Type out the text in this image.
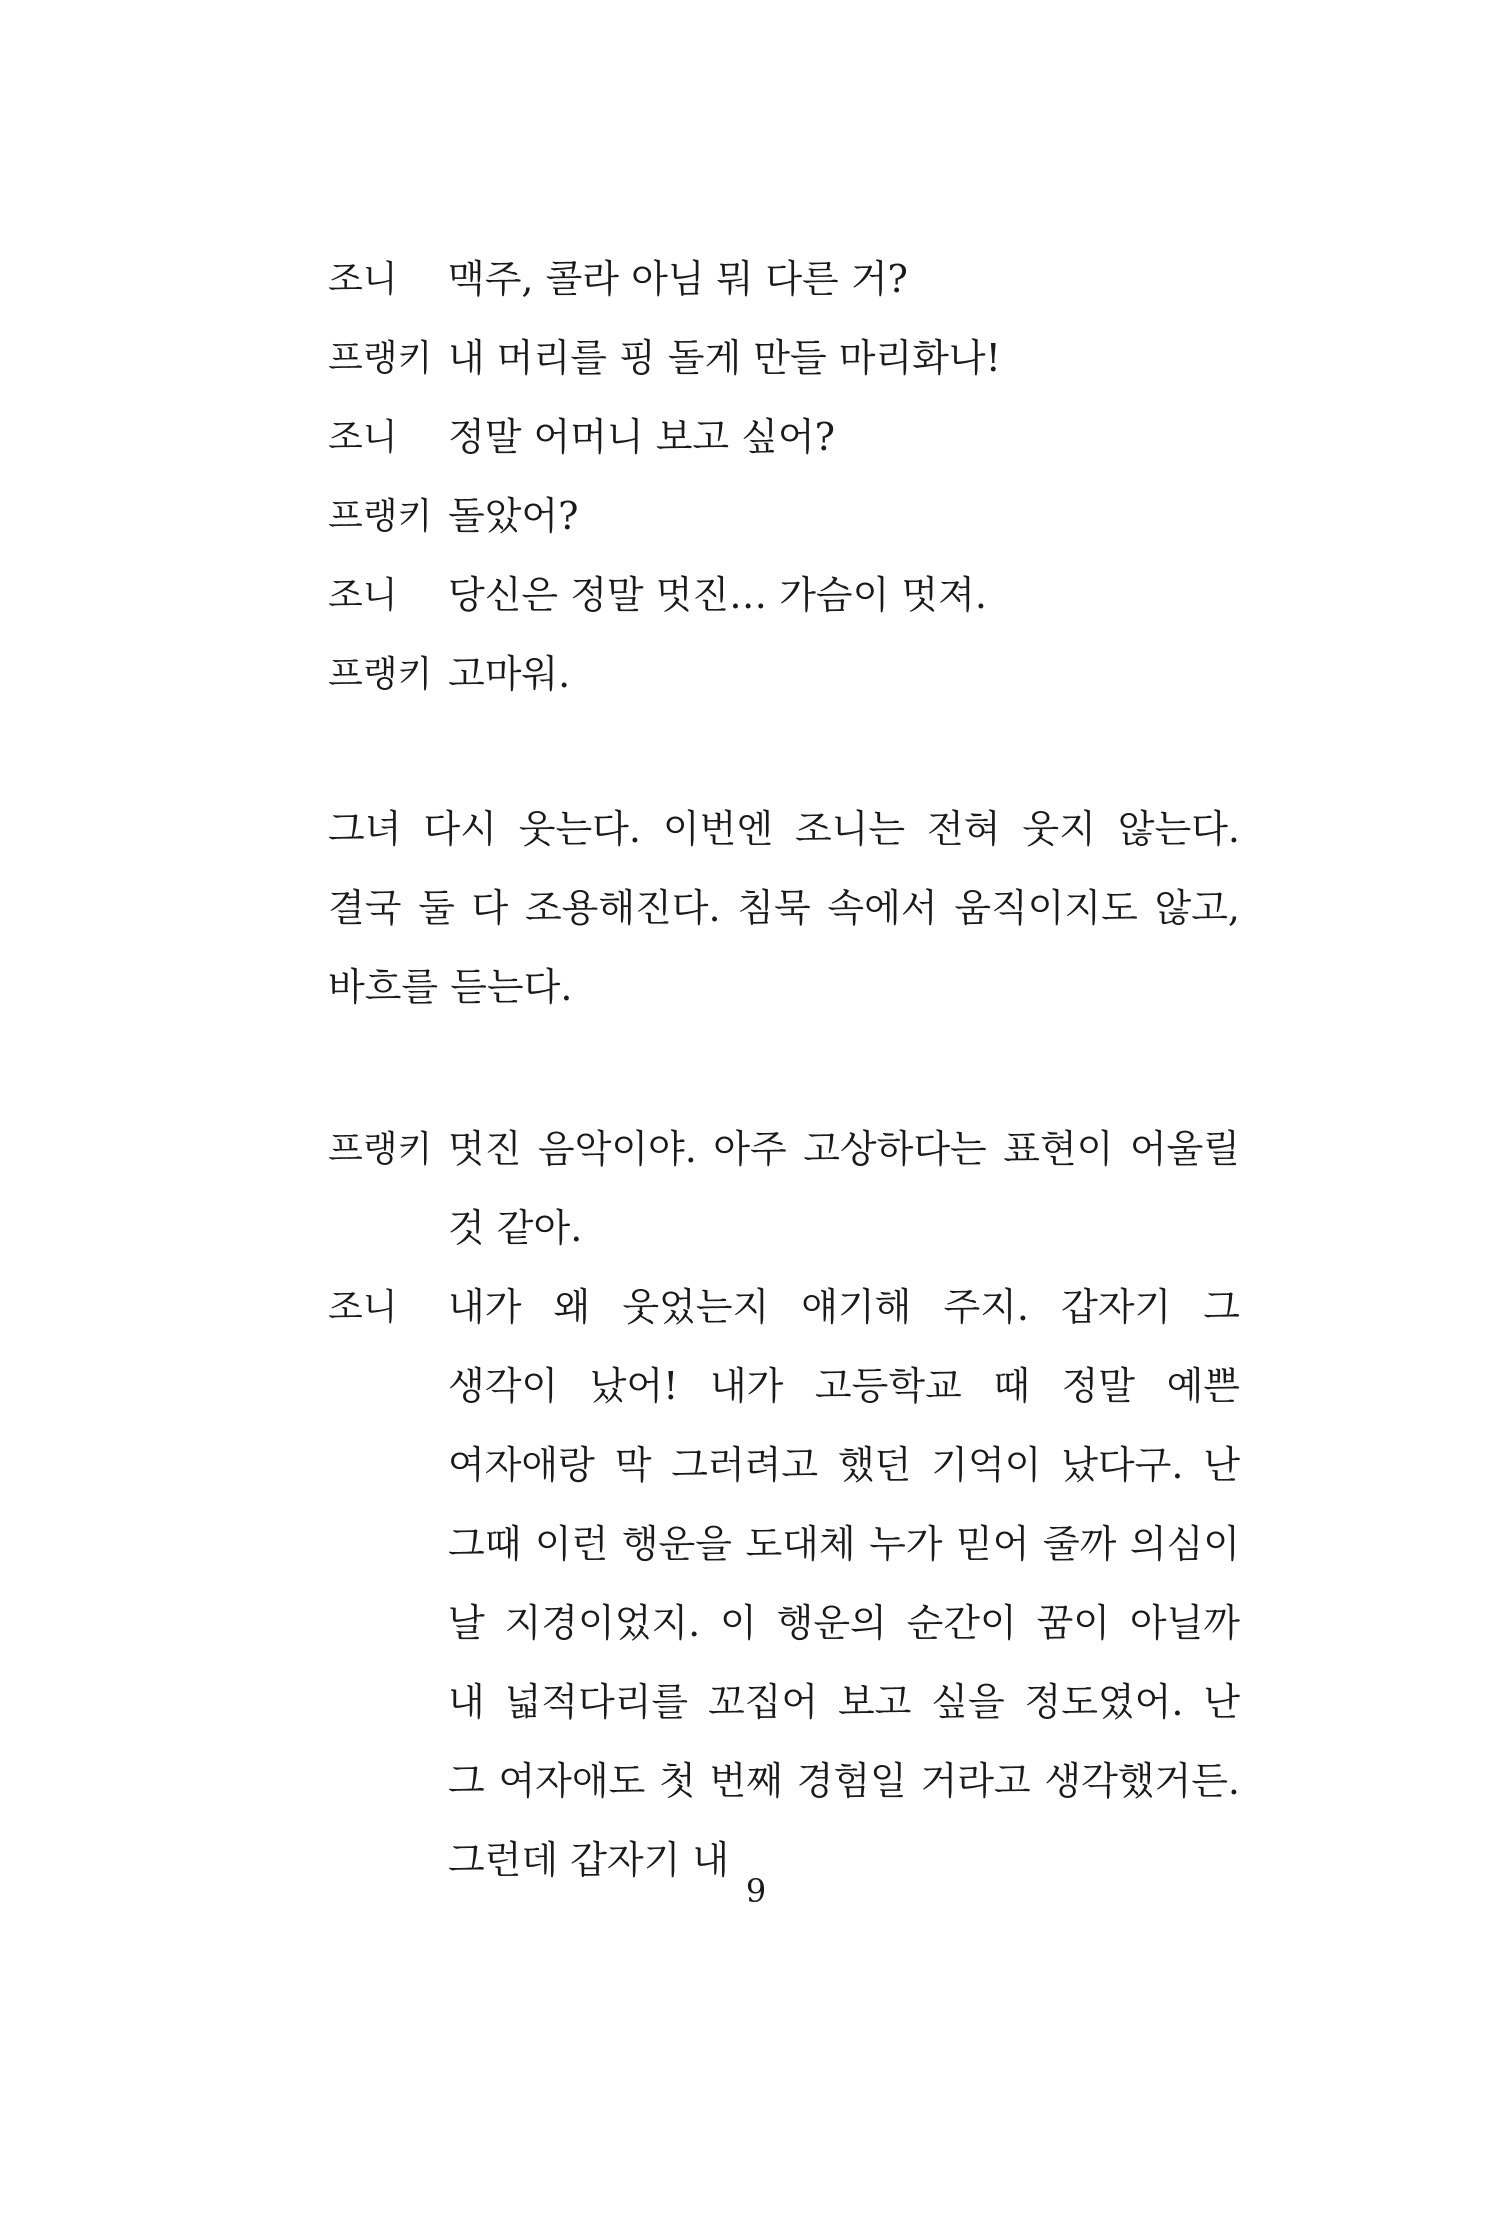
조니	맥주, 콜라 아님 뭐 다른 거?
프랭키 내 머리를 핑 돌게 만들 마리화나!
조니	정말 어머니 보고 싶어?
프랭키 돌았어?
조니	당신은 정말 멋진… 가슴이 멋져.
프랭키 고마워.
그녀 다시 웃는다. 이번엔 조니는 전혀 웃지 않는다. 결국 둘 다 조용해진다. 침묵 속에서 움직이지도 않고, 바흐를 듣는다.
프랭키 멋진 음악이야. 아주 고상하다는 표현이 어울릴 것 같아.
조니	내가 왜 웃었는지 얘기해 주지. 갑자기 그 생각이 났어! 내가 고등학교 때 정말 예쁜 여자애랑 막 그러려고 했던 기억이 났다구. 난 그때 이런 행운을 도대체 누가 믿어 줄까 의심이 날 지경이었지. 이 행운의 순간이 꿈이 아닐까 내 넓적다리를 꼬집어 보고 싶을 정도였어. 난 그 여자애도 첫 번째 경험일 거라고 생각했거든. 그런데 갑자기 내
9
